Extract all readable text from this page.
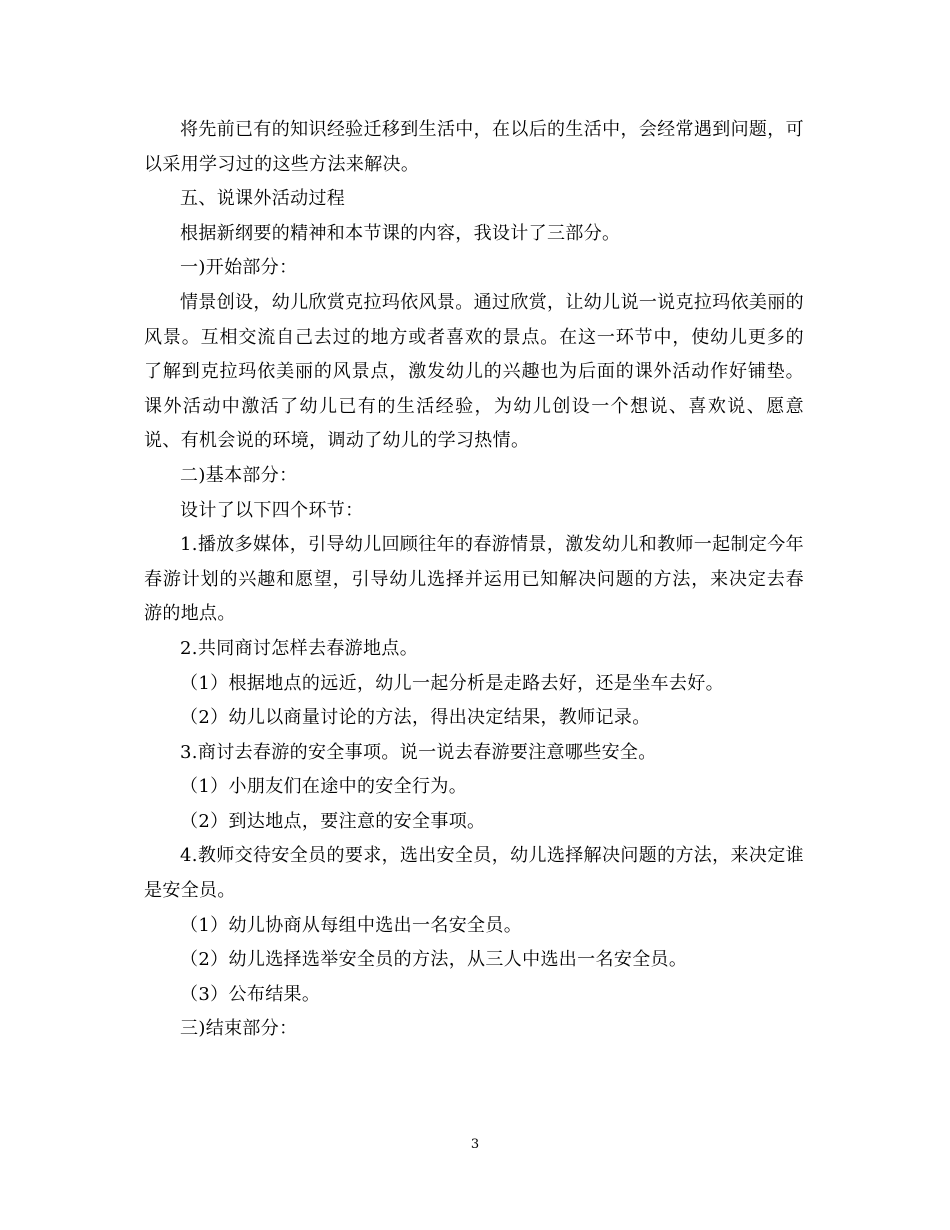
将先前已有的知识经验迁移到生活中，在以后的生活中，会经常遇到问题，可以采用学习过的这些方法来解决。

五、说课外活动过程

根据新纲要的精神和本节课的内容，我设计了三部分。

一)开始部分：

情景创设，幼儿欣赏克拉玛依风景。通过欣赏，让幼儿说一说克拉玛依美丽的风景。互相交流自己去过的地方或者喜欢的景点。在这一环节中，使幼儿更多的了解到克拉玛依美丽的风景点，激发幼儿的兴趣也为后面的课外活动作好铺垫。课外活动中激活了幼儿已有的生活经验，为幼儿创设一个想说、喜欢说、愿意说、有机会说的环境，调动了幼儿的学习热情。

二)基本部分：

设计了以下四个环节：

1.播放多媒体，引导幼儿回顾往年的春游情景，激发幼儿和教师一起制定今年春游计划的兴趣和愿望，引导幼儿选择并运用已知解决问题的方法，来决定去春游的地点。

2.共同商讨怎样去春游地点。

（1）根据地点的远近，幼儿一起分析是走路去好，还是坐车去好。

（2）幼儿以商量讨论的方法，得出决定结果，教师记录。

3.商讨去春游的安全事项。说一说去春游要注意哪些安全。

（1）小朋友们在途中的安全行为。

（2）到达地点，要注意的安全事项。

4.教师交待安全员的要求，选出安全员，幼儿选择解决问题的方法，来决定谁是安全员。

（1）幼儿协商从每组中选出一名安全员。

（2）幼儿选择选举安全员的方法，从三人中选出一名安全员。

（3）公布结果。

三)结束部分：

3
